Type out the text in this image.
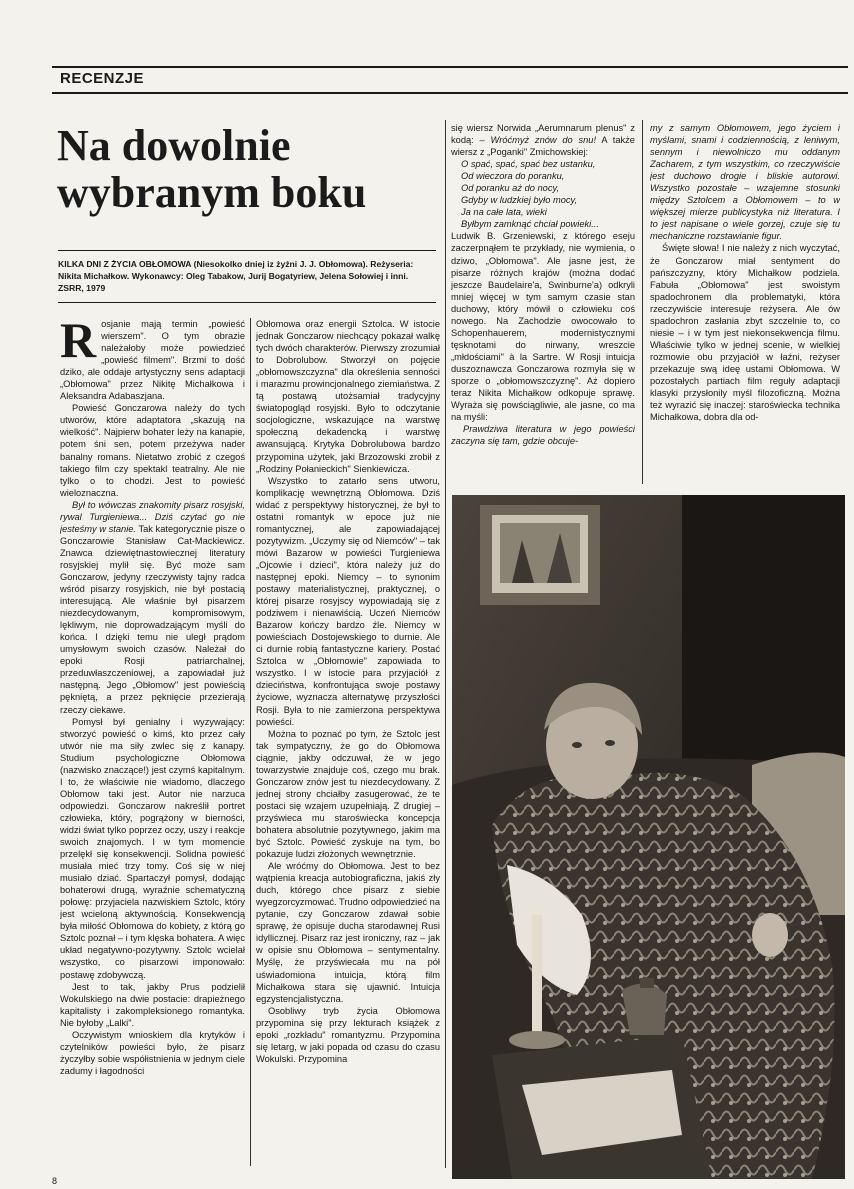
RECENZJE
Na dowolnie
wybranym boku

KILKA DNI Z ŻYCIA OBŁOMOWA (Niesokolko dniej iz żyźni J. J. Obłomowa). Reżyseria: Nikita Michałkow. Wykonawcy: Oleg Tabakow, Jurij Bogatyriew, Jelena Sołowiej i inni. ZSRR, 1979

Rosjanie mają termin „powieść wierszem". O tym obrazie należałoby może powiedzieć „powieść filmem". Brzmi to dość dziko, ale oddaje artystyczny sens adaptacji „Obłomowa" przez Nikitę Michałkowa i Aleksandra Adabaszjana.

Powieść Gonczarowa należy do tych utworów, które adaptatora „skazują na wielkość". Najpierw bohater leży na kanapie, potem śni sen, potem przeżywa nader banalny romans. Nietatwo zrobić z czegoś takiego film czy spektakl teatralny. Ale nie tylko o to chodzi. Jest to powieść wieloznaczna.

Był to wówczas znakomity pisarz rosyjski, rywal Turgieniewa... Dziś czytać go nie jesteśmy w stanie. Tak kategorycznie pisze o Gonczarowie Stanisław Cat-Mackiewicz. Znawca dziewiętnastowiecznej literatury rosyjskiej mylił się. Być może sam Gonczarow, jedyny rzeczywisty tajny radca wśród pisarzy rosyjskich, nie był postacią interesującą. Ale właśnie był pisarzem niezdecydowanym, kompromisowym, lękliwym, nie doprowadzającym myśli do końca. I dzięki temu nie uległ prądom umysłowym swoich czasów. Należał do epoki Rosji patriarchalnej, przeduwłaszczeniowej, a zapowiadał już następną. Jego „Obłomow" jest powieścią pękniętą, a przez pęknięcie przezierają rzeczy ciekawe.

Pomysł był genialny i wyzywający: stworzyć powieść o kimś, kto przez cały utwór nie ma siły zwlec się z kanapy. Studium psychologiczne Obłomowa (nazwisko znaczące!) jest czymś kapitalnym. I to, że właściwie nie wiadomo, dlaczego Obłomow taki jest. Autor nie narzuca odpowiedzi. Gonczarow nakreślił portret człowieka, który, pogrążony w bierności, widzi świat tylko poprzez oczy, uszy i reakcje swoich znajomych. I w tym momencie przelękł się konsekwencji. Solidna powieść musiała mieć trzy tomy. Coś się w niej musiało dziać. Spartaczył pomysł, dodając bohaterowi drugą, wyraźnie schematyczną połowę: przyjaciela nazwiskiem Sztolc, który jest wcieloną aktywnością. Konsekwencją była miłość Obłomowa do kobiety, z którą go Sztolc poznał – i tym klęska bohatera. A więc układ negatywno-pozytywny. Sztolc wcielał wszystko, co pisarzowi imponowało: postawę zdobywczą.

Jest to tak, jakby Prus podzielił Wokulskiego na dwie postacie: drapieżnego kapitalisty i zakompleksionego romantyka. Nie byłoby „Lalki".

Oczywistym wnioskiem dla krytyków i czytelników powieści było, że pisarz życzyłby sobie współistnienia w jednym ciele zadumy i łagodności

Obłomowa oraz energii Sztolca. W istocie jednak Gonczarow niechcący pokazał walkę tych dwóch charakterów. Pierwszy zrozumiał to Dobrolubow. Stworzył on pojęcie „obłomowszczyzna" dla określenia senności i marazmu prowincjonalnego ziemiaństwa. Z tą postawą utożsamiał tradycyjny światopogląd rosyjski. Było to odczytanie socjologiczne, wskazujące na warstwę społeczną dekadencką i warstwę awansującą. Krytyka Dobrolubowa bardzo przypomina użytek, jaki Brzozowski zrobił z „Rodziny Połanieckich" Sienkiewicza.

Wszystko to zatarło sens utworu, komplikację wewnętrzną Obłomowa. Dziś widać z perspektywy historycznej, że był to ostatni romantyk w epoce już nie romantycznej, ale zapowiadającej pozytywizm. „Uczymy się od Niemców" – tak mówi Bazarow w powieści Turgieniewa „Ojcowie i dzieci", która należy już do następnej epoki. Niemcy – to synonim postawy materialistycznej, praktycznej, o której pisarze rosyjscy wypowiadają się z podziwem i nienawiścią. Uczeń Niemców Bazarow kończy bardzo źle. Niemcy w powieściach Dostojewskiego to durnie. Ale ci durnie robią fantastyczne kariery. Postać Sztolca w „Obłomowie" zapowiada to wszystko. I w istocie para przyjaciół z dzieciństwa, konfrontująca swoje postawy życiowe, wyznacza alternatywę przyszłości Rosji. Była to nie zamierzona perspektywa powieści.

Można to poznać po tym, że Sztolc jest tak sympatyczny, że go do Obłomowa ciągnie, jakby odczuwał, że w jego towarzystwie znajduje coś, czego mu brak. Gonczarow znów jest tu niezdecydowany. Z jednej strony chciałby zasugerować, że te postaci się wzajem uzupełniają. Z drugiej – przyświeca mu staroświecka koncepcja bohatera absolutnie pozytywnego, jakim ma być Sztolc. Powieść zyskuje na tym, bo pokazuje ludzi złożonych wewnętrznie.

Ale wróćmy do Obłomowa. Jest to bez wątpienia kreacja autobiograficzna, jakiś zły duch, którego chce pisarz z siebie wyegzorcyzmować. Trudno odpowiedzieć na pytanie, czy Gonczarow zdawał sobie sprawę, że opisuje ducha starodawnej Rusi idyllicznej. Pisarz raz jest ironiczny, raz – jak w opisie snu Obłomowa – sentymentalny. Myślę, że przyświecała mu na pół uświadomiona intuicja, którą film Michałkowa stara się ujawnić. Intuicja egzystencjalistyczna.

Osobliwy tryb życia Obłomowa przypomina się przy lekturach książek z epoki „rozkładu" romantyzmu. Przypomina się letarg, w jaki popada od czasu do czasu Wokulski. Przypomina

się wiersz Norwida „Aerumnarum plenus" z kodą: – Wróćmyż znów do snu! A także wiersz z „Poganki" Zmichowskiej:

O spać, spać, spać bez ustanku,
Od wieczora do poranku,
Od poranku aż do nocy,
Gdyby w ludzkiej było mocy,
Ja na całe lata, wieki
Byłbym zamknąć chciał powieki...

Ludwik B. Grzeniewski, z którego eseju zaczerpnąłem te przykłady, nie wymienia, o dziwo, „Obłomowa". Ale jasne jest, że pisarze różnych krajów (można dodać jeszcze Baudelaire'a, Swinburne'a) odkryli mniej więcej w tym samym czasie stan duchowy, który mówił o człowieku coś nowego. Na Zachodzie owocowało to Schopenhauerem, modernistycznymi tęsknotami do nirwany, wreszcie „młdościami" à la Sartre. W Rosji intuicja duszoznawcza Gonczarowa rozmyła się w sporze o „obłomowszczyznę". Aż dopiero teraz Nikita Michałkow odkopuje sprawę. Wyraża się powściągliwie, ale jasne, co ma na myśli:

Prawdziwa literatura w jego powieści zaczyna się tam, gdzie obcuje-

my z samym Obłomowem, jego życiem i myślami, snami i codziennością, z leniwym, sennym i niewolniczo mu oddanym Zacharem, z tym wszystkim, co rzeczywiście jest duchowo drogie i bliskie autorowi. Wszystko pozostałe – wzajemne stosunki między Sztolcem a Obłomowem – to w większej mierze publicystyka niż literatura. I to jest napisane o wiele gorzej, czuje się tu mechaniczne rozstawianie figur.

Święte słowa! I nie należy z nich wyczytać, że Gonczarow miał sentyment do pańszczyzny, który Michałkow podziela. Fabuła „Obłomowa" jest swoistym spadochronem dla problematyki, która rzeczywiście interesuje reżysera. Ale ów spadochron zasłania zbyt szczelnie to, co niesie – i w tym jest niekonsekwencja filmu. Właściwie tylko w jednej scenie, w wielkiej rozmowie obu przyjaciół w łaźni, reżyser przekazuje swą ideę ustami Obłomowa. W pozostałych partiach film reguły adaptacji klasyki przysłonily myśl filozoficzną. Można też wyrazić się inaczej: staroświecka technika Michałkowa, dobra dla od-

8
